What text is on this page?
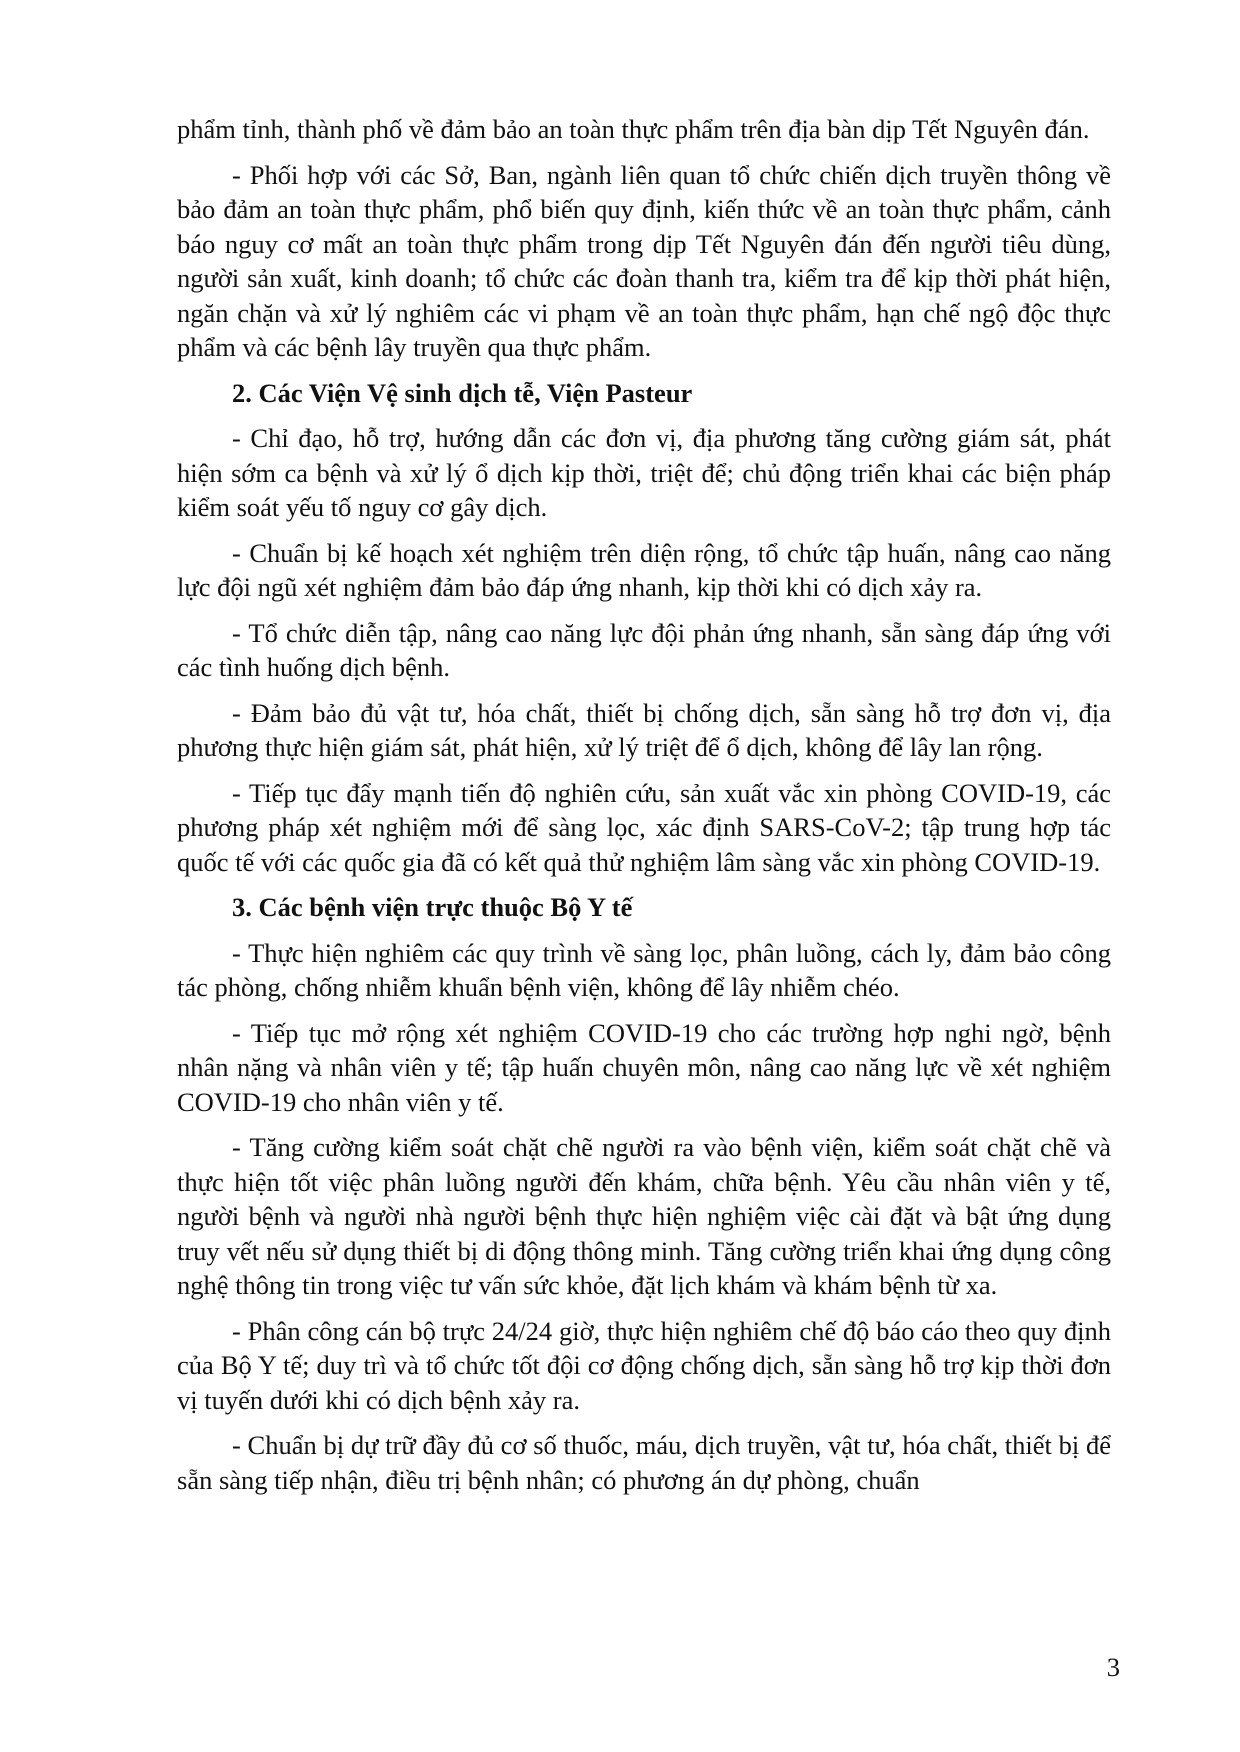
phẩm tỉnh, thành phố về đảm bảo an toàn thực phẩm trên địa bàn dịp Tết Nguyên đán.

- Phối hợp với các Sở, Ban, ngành liên quan tổ chức chiến dịch truyền thông về bảo đảm an toàn thực phẩm, phổ biến quy định, kiến thức về an toàn thực phẩm, cảnh báo nguy cơ mất an toàn thực phẩm trong dịp Tết Nguyên đán đến người tiêu dùng, người sản xuất, kinh doanh; tổ chức các đoàn thanh tra, kiểm tra để kịp thời phát hiện, ngăn chặn và xử lý nghiêm các vi phạm về an toàn thực phẩm, hạn chế ngộ độc thực phẩm và các bệnh lây truyền qua thực phẩm.

2. Các Viện Vệ sinh dịch tễ, Viện Pasteur

- Chỉ đạo, hỗ trợ, hướng dẫn các đơn vị, địa phương tăng cường giám sát, phát hiện sớm ca bệnh và xử lý ổ dịch kịp thời, triệt để; chủ động triển khai các biện pháp kiểm soát yếu tố nguy cơ gây dịch.

- Chuẩn bị kế hoạch xét nghiệm trên diện rộng, tổ chức tập huấn, nâng cao năng lực đội ngũ xét nghiệm đảm bảo đáp ứng nhanh, kịp thời khi có dịch xảy ra.

- Tổ chức diễn tập, nâng cao năng lực đội phản ứng nhanh, sẵn sàng đáp ứng với các tình huống dịch bệnh.

- Đảm bảo đủ vật tư, hóa chất, thiết bị chống dịch, sẵn sàng hỗ trợ đơn vị, địa phương thực hiện giám sát, phát hiện, xử lý triệt để ổ dịch, không để lây lan rộng.

- Tiếp tục đẩy mạnh tiến độ nghiên cứu, sản xuất vắc xin phòng COVID-19, các phương pháp xét nghiệm mới để sàng lọc, xác định SARS-CoV-2; tập trung hợp tác quốc tế với các quốc gia đã có kết quả thử nghiệm lâm sàng vắc xin phòng COVID-19.

3. Các bệnh viện trực thuộc Bộ Y tế

- Thực hiện nghiêm các quy trình về sàng lọc, phân luồng, cách ly, đảm bảo công tác phòng, chống nhiễm khuẩn bệnh viện, không để lây nhiễm chéo.

- Tiếp tục mở rộng xét nghiệm COVID-19 cho các trường hợp nghi ngờ, bệnh nhân nặng và nhân viên y tế; tập huấn chuyên môn, nâng cao năng lực về xét nghiệm COVID-19 cho nhân viên y tế.

- Tăng cường kiểm soát chặt chẽ người ra vào bệnh viện, kiểm soát chặt chẽ và thực hiện tốt việc phân luồng người đến khám, chữa bệnh. Yêu cầu nhân viên y tế, người bệnh và người nhà người bệnh thực hiện nghiệm việc cài đặt và bật ứng dụng truy vết nếu sử dụng thiết bị di động thông minh. Tăng cường triển khai ứng dụng công nghệ thông tin trong việc tư vấn sức khỏe, đặt lịch khám và khám bệnh từ xa.

- Phân công cán bộ trực 24/24 giờ, thực hiện nghiêm chế độ báo cáo theo quy định của Bộ Y tế; duy trì và tổ chức tốt đội cơ động chống dịch, sẵn sàng hỗ trợ kịp thời đơn vị tuyến dưới khi có dịch bệnh xảy ra.

- Chuẩn bị dự trữ đầy đủ cơ số thuốc, máu, dịch truyền, vật tư, hóa chất, thiết bị để sẵn sàng tiếp nhận, điều trị bệnh nhân; có phương án dự phòng, chuẩn

3
